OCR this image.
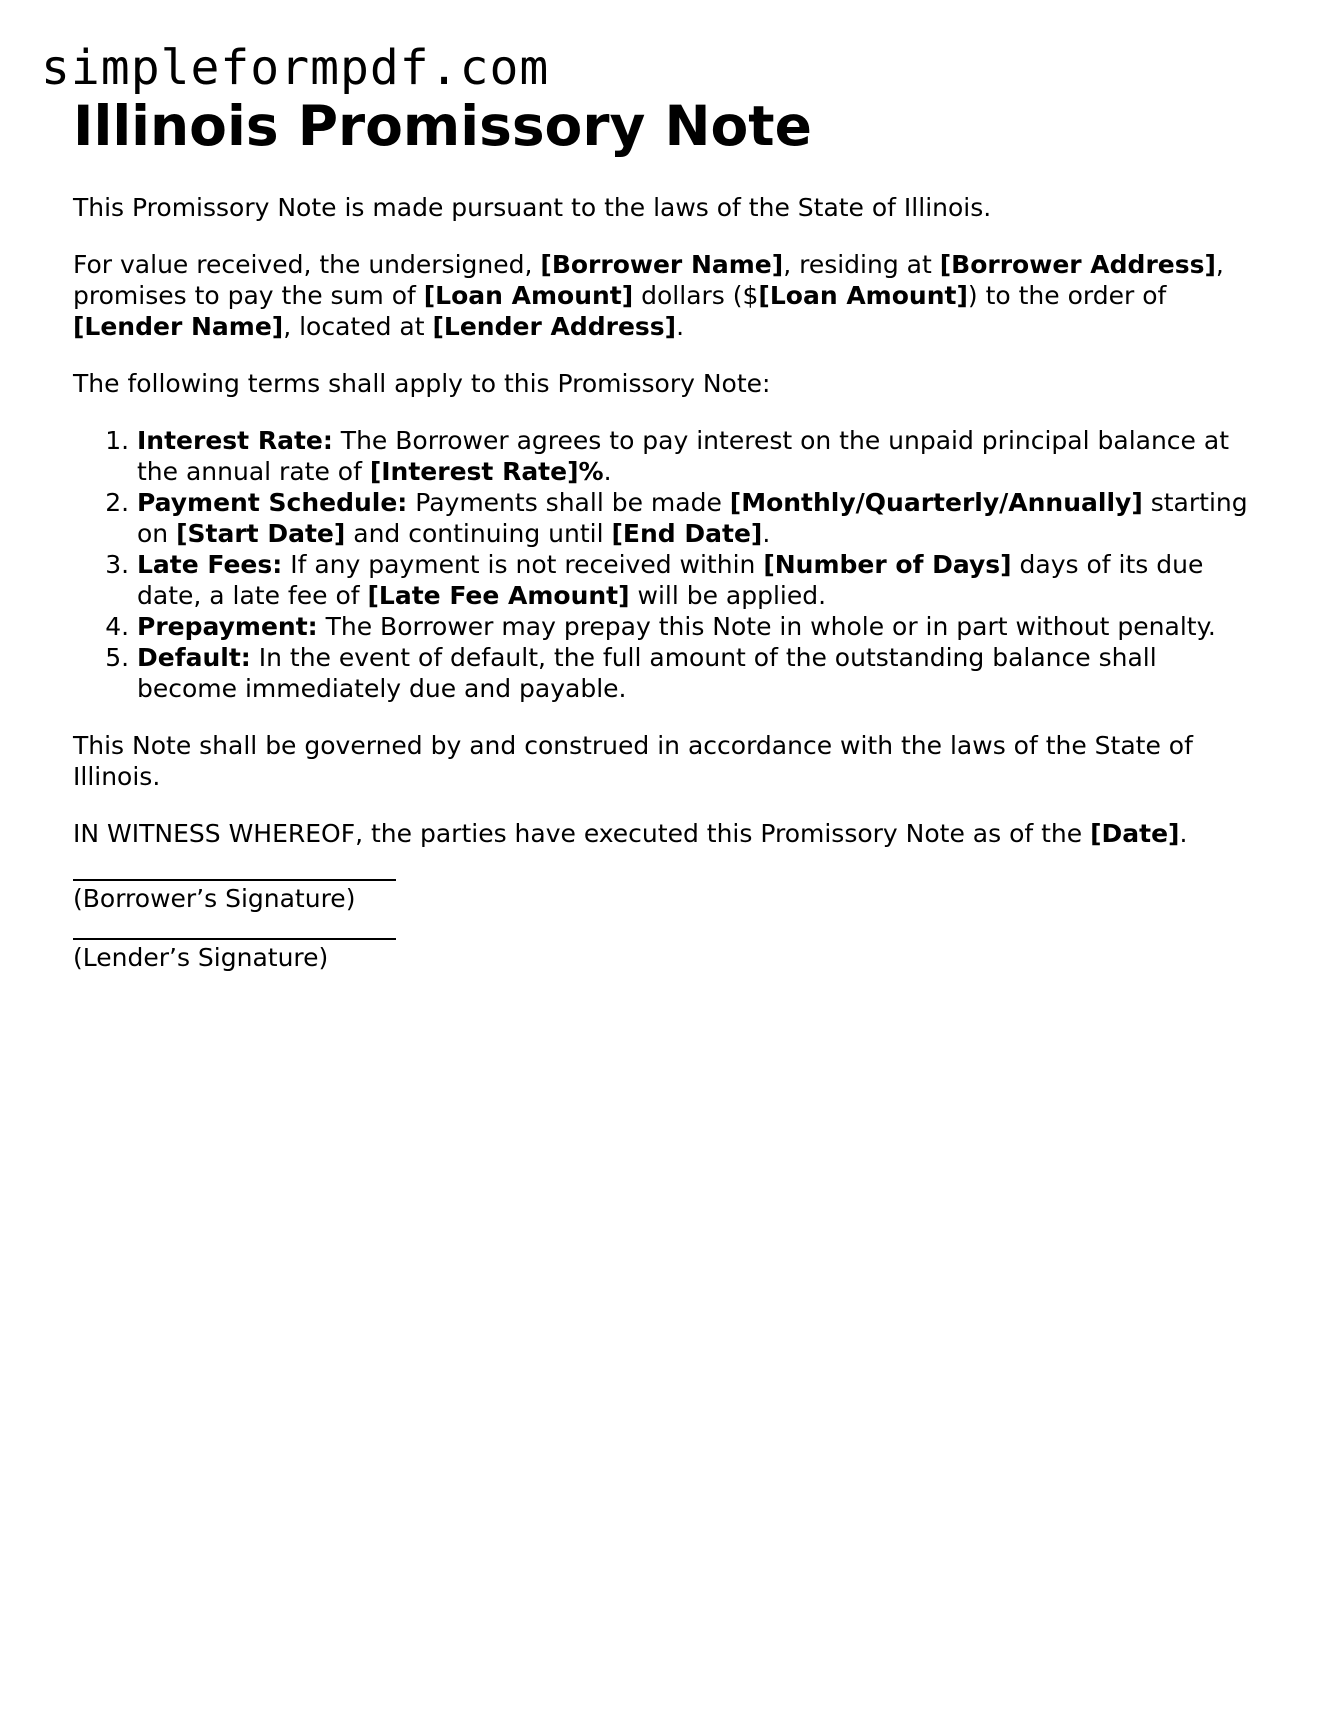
simpleformpdf.com
Illinois Promissory Note

This Promissory Note is made pursuant to the laws of the State of Illinois.

For value received, the undersigned, [Borrower Name], residing at [Borrower Address], promises to pay the sum of [Loan Amount] dollars ($[Loan Amount]) to the order of [Lender Name], located at [Lender Address].

The following terms shall apply to this Promissory Note:

1. Interest Rate: The Borrower agrees to pay interest on the unpaid principal balance at the annual rate of [Interest Rate]%.
2. Payment Schedule: Payments shall be made [Monthly/Quarterly/Annually] starting on [Start Date] and continuing until [End Date].
3. Late Fees: If any payment is not received within [Number of Days] days of its due date, a late fee of [Late Fee Amount] will be applied.
4. Prepayment: The Borrower may prepay this Note in whole or in part without penalty.
5. Default: In the event of default, the full amount of the outstanding balance shall become immediately due and payable.

This Note shall be governed by and construed in accordance with the laws of the State of Illinois.

IN WITNESS WHEREOF, the parties have executed this Promissory Note as of the [Date].

(Borrower’s Signature)
(Lender’s Signature)
